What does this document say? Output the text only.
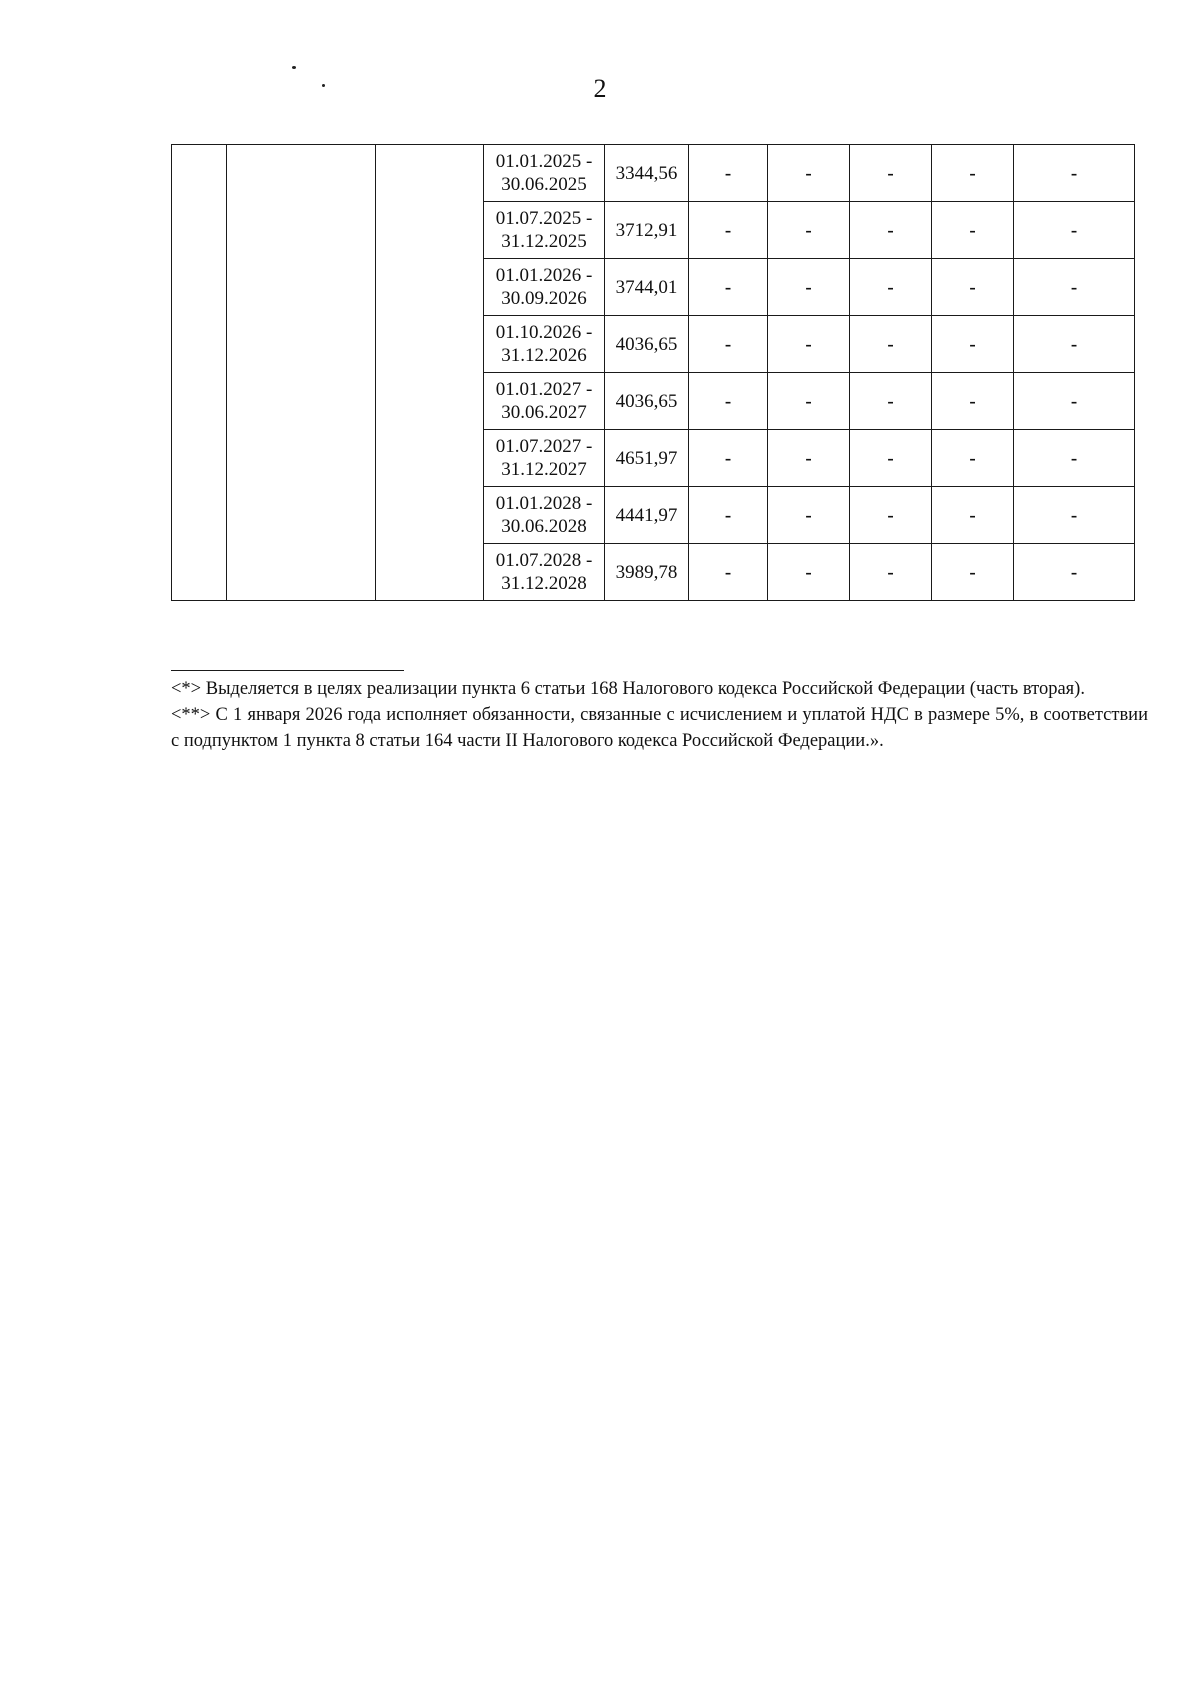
2
			01.01.2025 -
30.06.2025	3344,56	-	-	-	-	-
			01.07.2025 -
31.12.2025	3712,91	-	-	-	-	-
			01.01.2026 -
30.09.2026	3744,01	-	-	-	-	-
			01.10.2026 -
31.12.2026	4036,65	-	-	-	-	-
			01.01.2027 -
30.06.2027	4036,65	-	-	-	-	-
			01.07.2027 -
31.12.2027	4651,97	-	-	-	-	-
			01.01.2028 -
30.06.2028	4441,97	-	-	-	-	-
			01.07.2028 -
31.12.2028	3989,78	-	-	-	-	-

<*> Выделяется в целях реализации пункта 6 статьи 168 Налогового кодекса Российской Федерации (часть вторая).

<**> С 1 января 2026 года исполняет обязанности, связанные с исчислением и уплатой НДС в размере 5%, в соответствии с подпунктом 1 пункта 8 статьи 164 части II Налогового кодекса Российской Федерации.».
